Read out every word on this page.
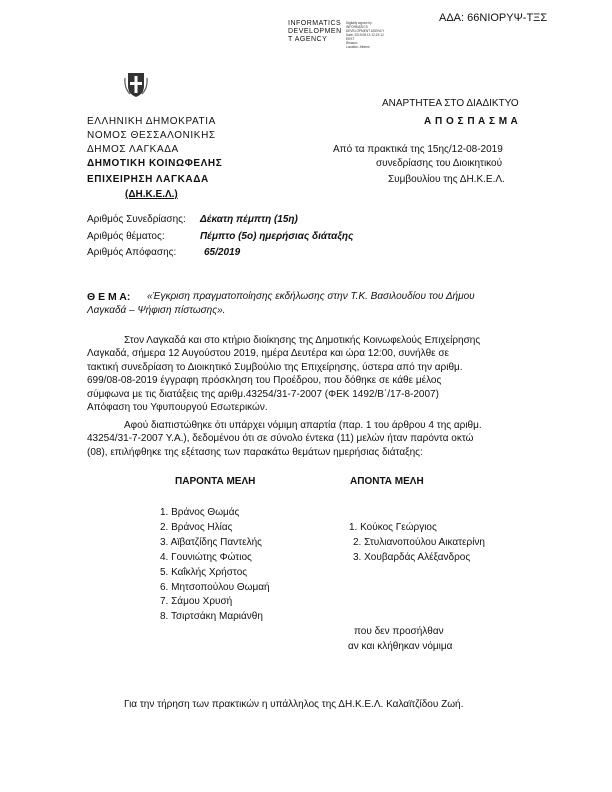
ΑΔΑ: 66ΝΙΟΡΥΨ-ΤΞΣ
INFORMATICS
DEVELOPMEN
T AGENCY
Digitally signed by
INFORMATICS
DEVELOPMENT AGENCY
Date: 2019.08.13 12:19:12
EEST
Reason:
Location: Athens
ΑΝΑΡΤΗΤΕΑ ΣΤΟ ΔΙΑΔΙΚΤΥΟ
ΕΛΛΗΝΙΚΗ ΔΗΜΟΚΡΑΤΙΑ
ΝΟΜΟΣ ΘΕΣΣΑΛΟΝΙΚΗΣ
ΔΗΜΟΣ ΛΑΓΚΑΔΑ
ΔΗΜΟΤΙΚΗ ΚΟΙΝΩΦΕΛΗΣ
ΕΠΙΧΕΙΡΗΣΗ ΛΑΓΚΑΔΑ
(ΔΗ.Κ.Ε.Λ.)
Α Π Ο Σ Π Α Σ Μ Α
Από τα πρακτικά της 15ης/12-08-2019
συνεδρίασης του Διοικητικού
Συμβουλίου της ΔΗ.Κ.Ε.Λ.
Αριθμός Συνεδρίασης: Δέκατη πέμπτη (15η)
Αριθμός θέματος:	Πέμπτο (5ο) ημερήσιας διάταξης
Αριθμός Απόφασης:	65/2019
Θ Ε Μ Α: «Έγκριση πραγματοποίησης εκδήλωσης στην Τ.Κ. Βασιλουδίου του Δήμου
Λαγκαδά – Ψήφιση πίστωσης».
Στον Λαγκαδά και στο κτήριο διοίκησης της Δημοτικής Κοινωφελούς Επιχείρησης
Λαγκαδά, σήμερα 12 Αυγούστου 2019, ημέρα Δευτέρα και ώρα 12:00, συνήλθε σε
τακτική συνεδρίαση το Διοικητικό Συμβούλιο της Επιχείρησης, ύστερα από την αριθμ.
699/08-08-2019 έγγραφη πρόσκληση του Προέδρου, που δόθηκε σε κάθε μέλος
σύμφωνα με τις διατάξεις της αριθμ.43254/31-7-2007 (ΦΕΚ 1492/Β΄/17-8-2007)
Απόφαση του Υφυπουργού Εσωτερικών.
Αφού διαπιστώθηκε ότι υπάρχει νόμιμη απαρτία (παρ. 1 του άρθρου 4 της αριθμ.
43254/31-7-2007 Υ.Α.), δεδομένου ότι σε σύνολο έντεκα (11) μελών ήταν παρόντα οκτώ
(08), επιλήφθηκε της εξέτασης των παρακάτω θεμάτων ημερήσιας διάταξης:
ΠΑΡΟΝΤΑ ΜΕΛΗ
1. Βράνος Θωμάς
2. Βράνος Ηλίας
3. Αϊβατζίδης Παντελής
4. Γουνιώτης Φώτιος
5. Καΐκλής Χρήστος
6. Μητσοπούλου Θωμαή
7. Σάμου Χρυσή
8. Τσιρτσάκη Μαριάνθη
ΑΠΟΝΤΑ ΜΕΛΗ
1. Κούκος Γεώργιος
2. Στυλιανοπούλου Αικατερίνη
3. Χουβαρδάς Αλέξανδρος
που δεν προσήλθαν
αν και κλήθηκαν νόμιμα
Για την τήρηση των πρακτικών η υπάλληλος της ΔΗ.Κ.Ε.Λ. Καλαϊτζίδου Ζωή.
